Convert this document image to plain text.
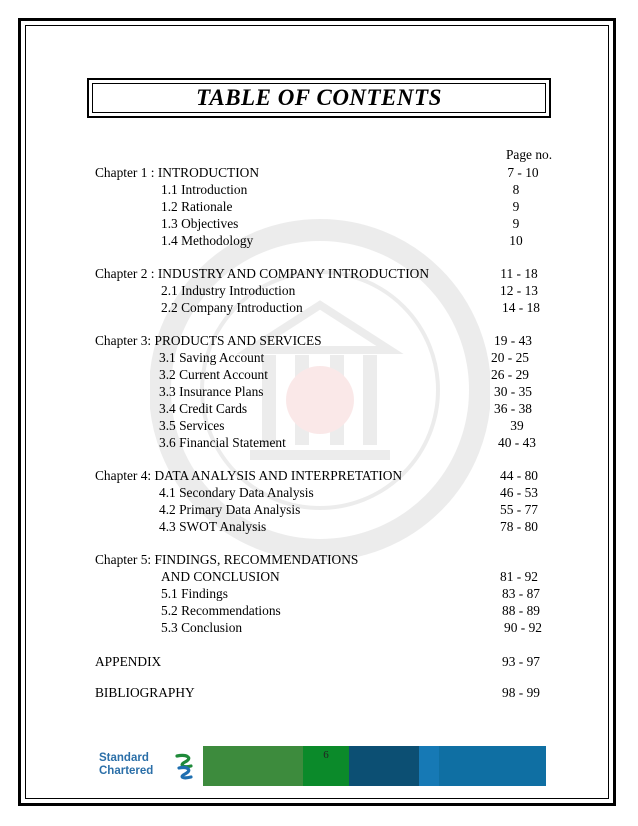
TABLE OF CONTENTS
Page no.
Chapter 1 : INTRODUCTION	7 - 10
1.1 Introduction	8
1.2 Rationale	9
1.3 Objectives	9
1.4 Methodology	10
Chapter 2 : INDUSTRY AND COMPANY INTRODUCTION	11 - 18
2.1 Industry Introduction	12 - 13
2.2 Company Introduction	14 - 18
Chapter 3: PRODUCTS AND SERVICES	19 - 43
3.1 Saving Account	20 - 25
3.2 Current Account	26 - 29
3.3 Insurance Plans	30 - 35
3.4 Credit Cards	36 - 38
3.5 Services	39
3.6 Financial Statement	40 - 43
Chapter 4: DATA ANALYSIS AND INTERPRETATION	44 - 80
4.1 Secondary Data Analysis	46 - 53
4.2 Primary Data Analysis	55 - 77
4.3 SWOT Analysis	78 - 80
Chapter 5: FINDINGS, RECOMMENDATIONS
AND CONCLUSION	81 - 92
5.1 Findings	83 - 87
5.2 Recommendations	88 - 89
5.3 Conclusion	90 - 92
APPENDIX	93 - 97
BIBLIOGRAPHY	98 - 99
Standard
Chartered
6
